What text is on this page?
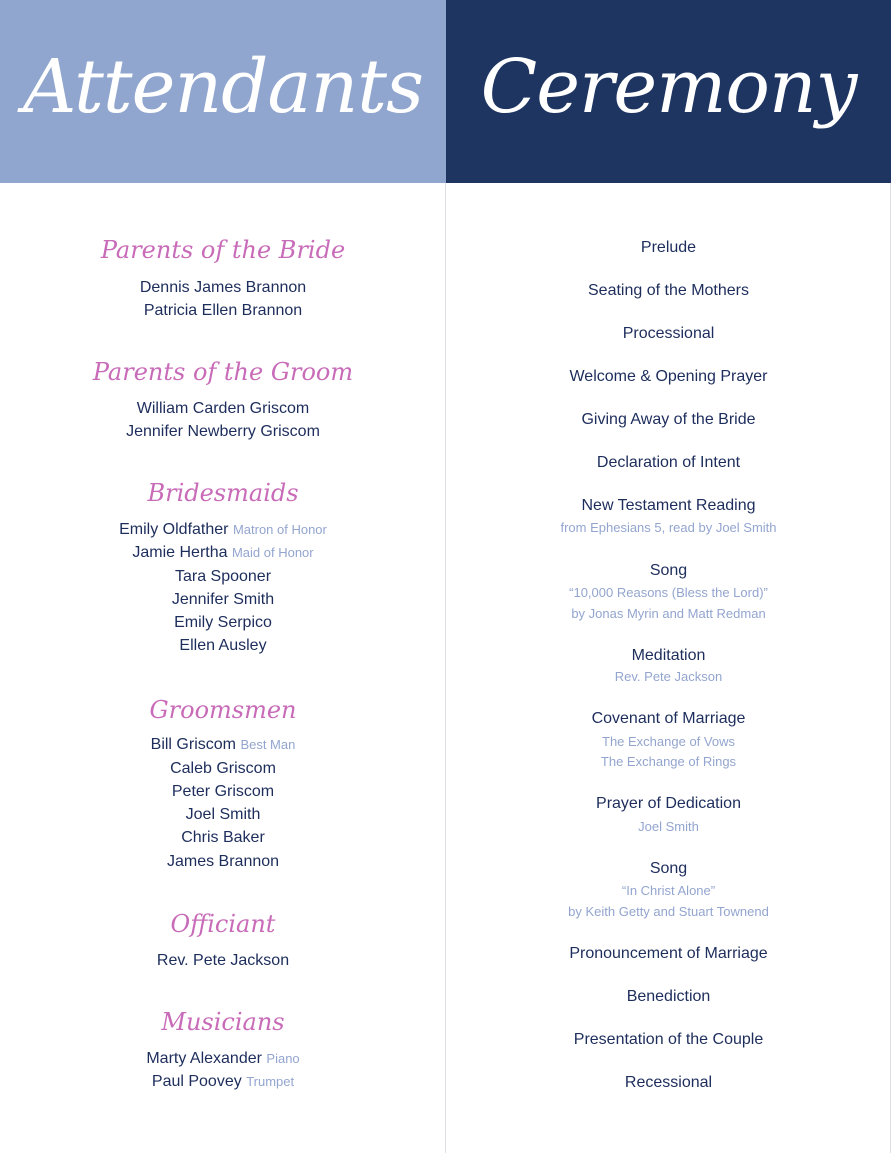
Attendants Ceremony
Parents of the Bride
Dennis James Brannon
Patricia Ellen Brannon
Parents of the Groom
William Carden Griscom
Jennifer Newberry Griscom
Bridesmaids
Emily Oldfather Matron of Honor
Jamie Hertha Maid of Honor
Tara Spooner
Jennifer Smith
Emily Serpico
Ellen Ausley
Groomsmen
Bill Griscom Best Man
Caleb Griscom
Peter Griscom
Joel Smith
Chris Baker
James Brannon
Officiant
Rev. Pete Jackson
Musicians
Marty Alexander Piano
Paul Poovey Trumpet
Prelude
Seating of the Mothers
Processional
Welcome & Opening Prayer
Giving Away of the Bride
Declaration of Intent
New Testament Reading
from Ephesians 5, read by Joel Smith
Song
“10,000 Reasons (Bless the Lord)”
by Jonas Myrin and Matt Redman
Meditation
Rev. Pete Jackson
Covenant of Marriage
The Exchange of Vows
The Exchange of Rings
Prayer of Dedication
Joel Smith
Song
“In Christ Alone”
by Keith Getty and Stuart Townend
Pronouncement of Marriage
Benediction
Presentation of the Couple
Recessional
